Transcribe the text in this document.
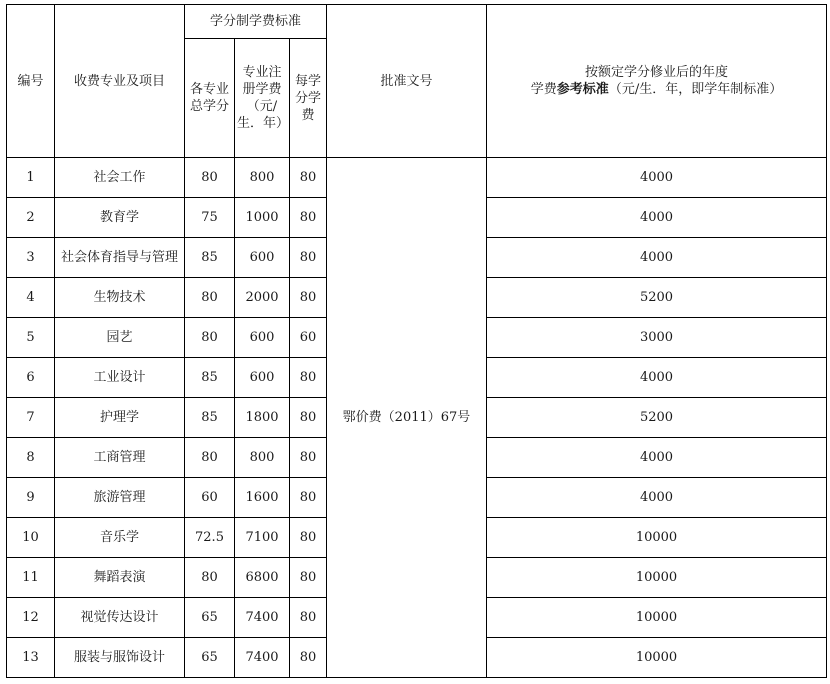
编号	收费专业及项目	学分制学费标准			批准文号	按额定学分修业后的年度
学费参考标准（元/生．年，即学年制标准）

		各专业总学分	专业注册学费（元/生．年）	每学分学费		
1	社会工作	80	800	80	鄂价费（2011）67号	4000
2	教育学	75	1000	80		4000
3	社会体育指导与管理	85	600	80		4000
4	生物技术	80	2000	80		5200
5	园艺	80	600	60		3000
6	工业设计	85	600	80		4000
7	护理学	85	1800	80		5200
8	工商管理	80	800	80		4000
9	旅游管理	60	1600	80		4000
10	音乐学	72.5	7100	80		10000
11	舞蹈表演	80	6800	80		10000
12	视觉传达设计	65	7400	80		10000
13	服装与服饰设计	65	7400	80		10000
